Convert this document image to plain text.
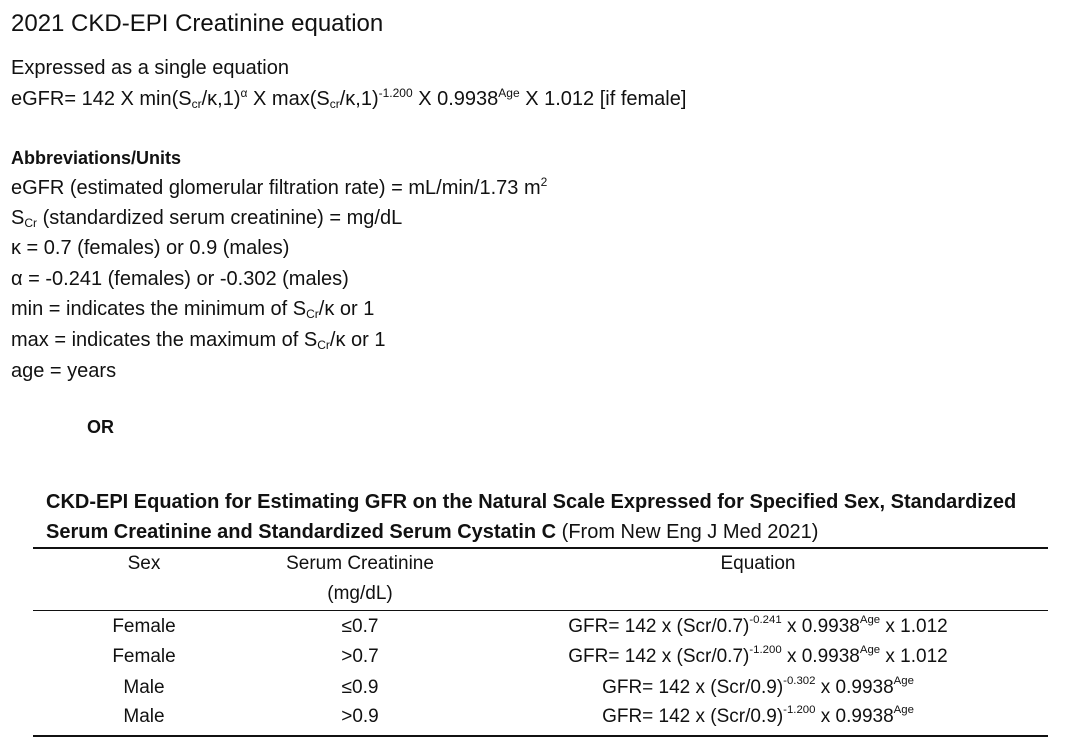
2021 CKD-EPI Creatinine equation
Expressed as a single equation
eGFR= 142 X $\min(S_{cr}/\kappa,1)^\alpha$ X $\max(S_{cr}/\kappa,1)^{-1.200}$ X $0.9938^{Age}$ X 1.012 [if female]
Abbreviations/Units
eGFR (estimated glomerular filtration rate) = mL/min/1.73 $m^2$
$S_{Cr}$ (standardized serum creatinine) = mg/dL
κ = 0.7 (females) or 0.9 (males)
α = -0.241 (females) or -0.302 (males)
min = indicates the minimum of $S_{Cr}/\kappa$ or 1
max = indicates the maximum of $S_{Cr}/\kappa$ or 1
age = years
OR
CKD-EPI Equation for Estimating GFR on the Natural Scale Expressed for Specified Sex, Standardized Serum Creatinine and Standardized Serum Cystatin C (From New Eng J Med 2021)
Sex	Serum Creatinine
(mg/dL)
Equation
Female	≤0.7	GFR= 142 x $(Scr/0.7)^{-0.241}$ x $0.9938^{Age}$ x 1.012
Female	>0.7	GFR= 142 x $(Scr/0.7)^{-1.200}$ x $0.9938^{Age}$ x 1.012
Male	≤0.9	GFR= 142 x $(Scr/0.9)^{-0.302}$ x $0.9938^{Age}$
Male	>0.9	GFR= 142 x $(Scr/0.9)^{-1.200}$ x $0.9938^{Age}$
